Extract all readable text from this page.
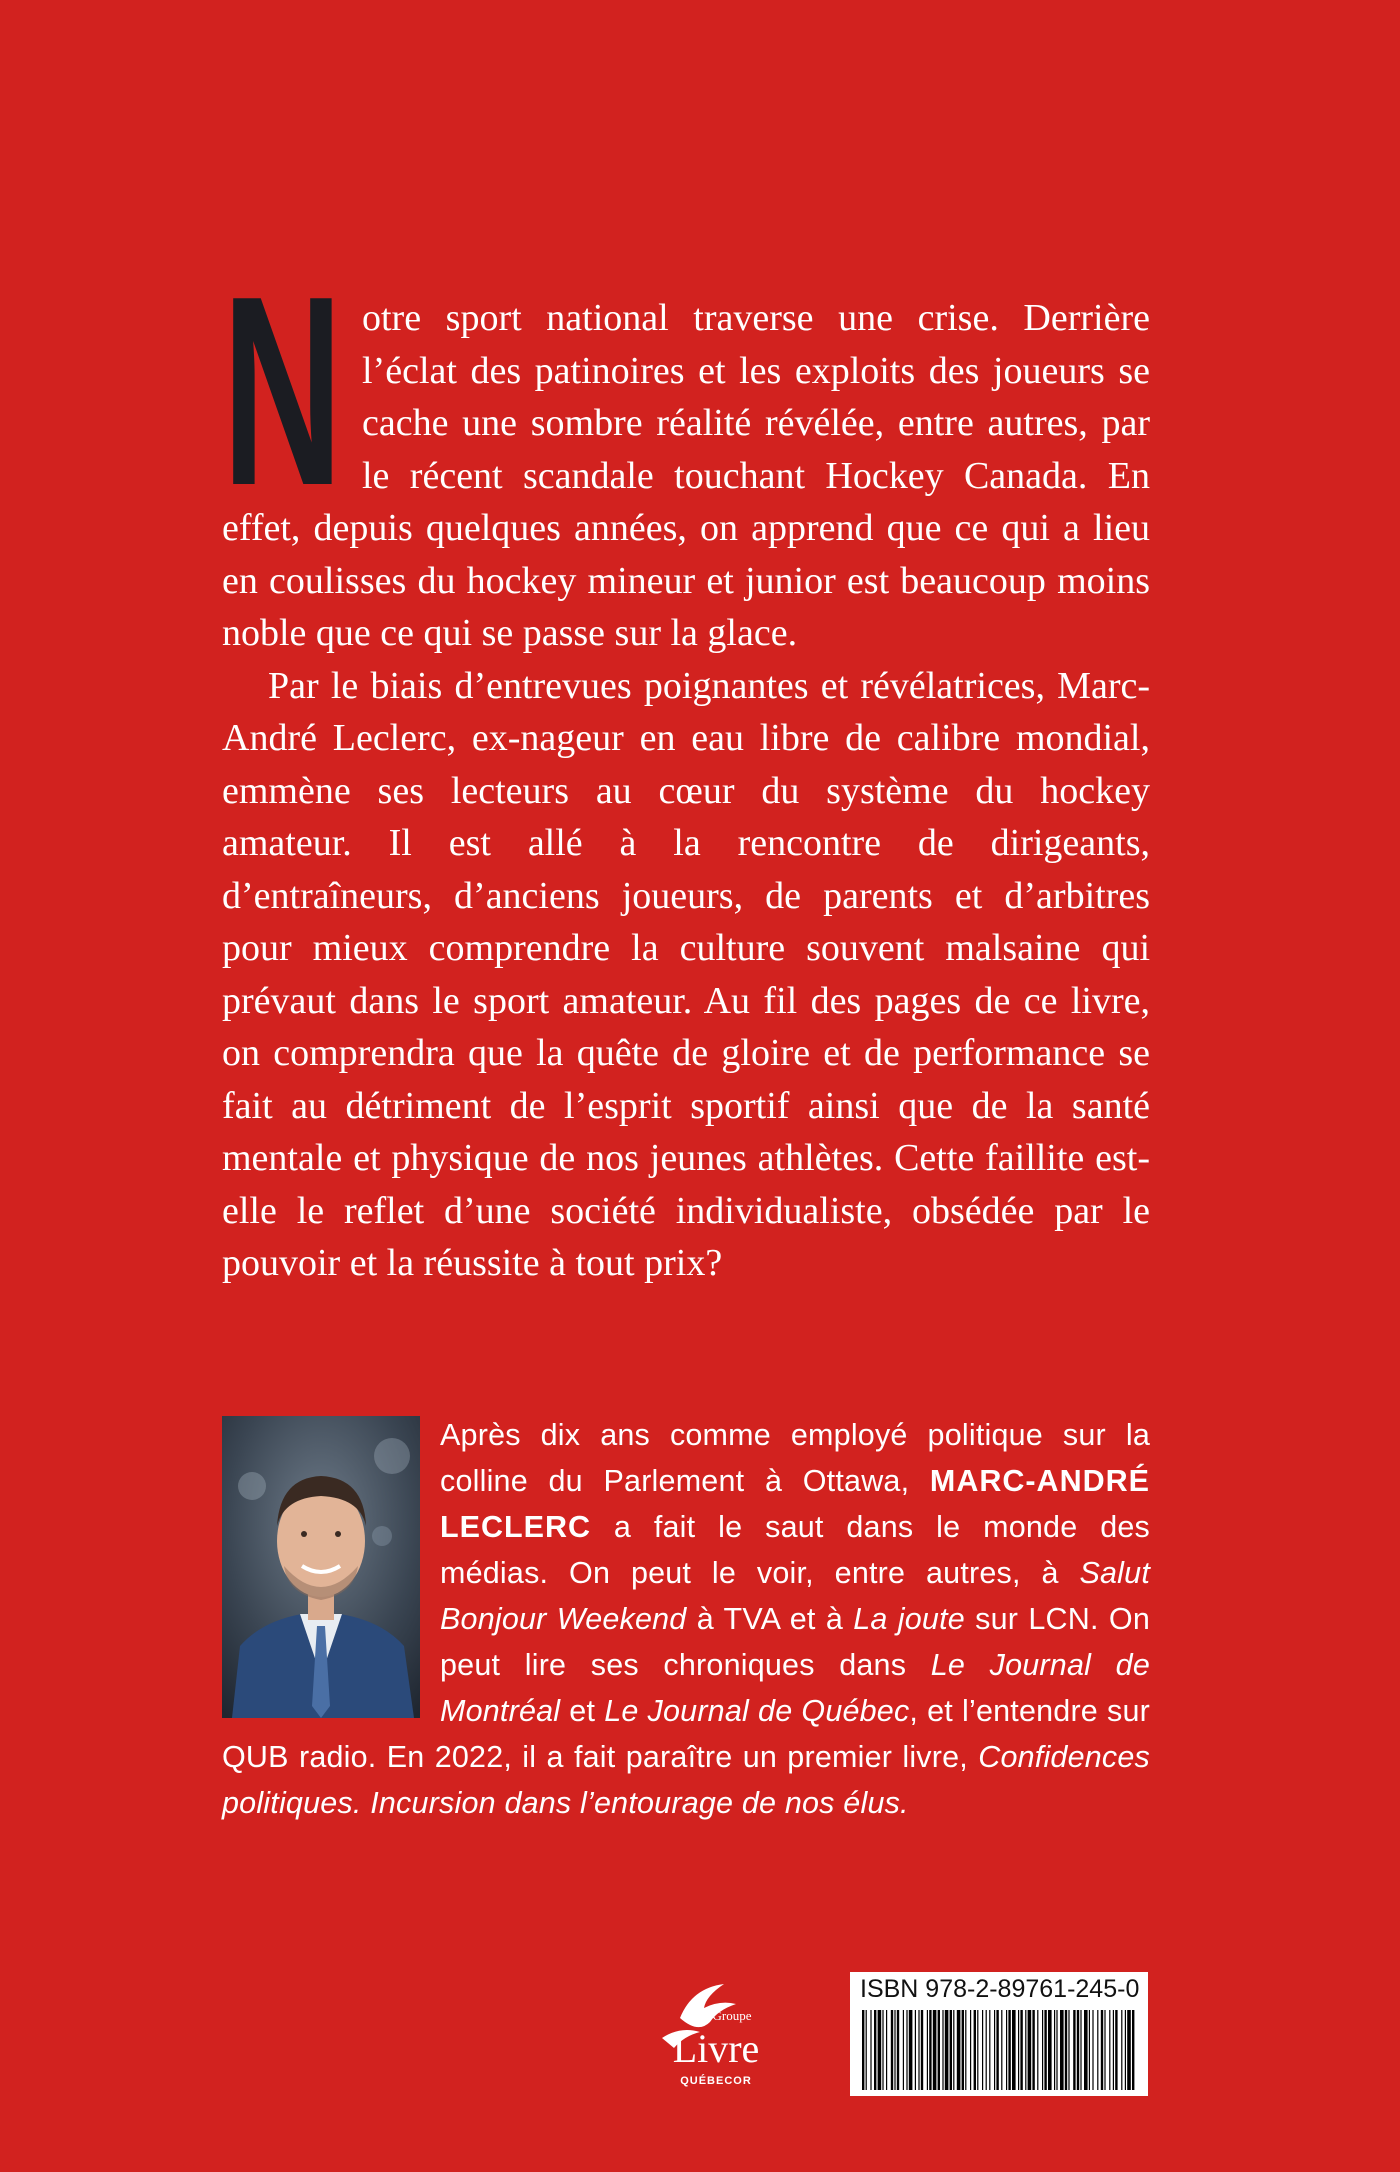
Notre sport national traverse une crise. Derrière l’éclat des patinoires et les exploits des joueurs se cache une sombre réalité révélée, entre autres, par le récent scandale touchant Hockey Canada. En effet, depuis quelques années, on apprend que ce qui a lieu en coulisses du hockey mineur et junior est beaucoup moins noble que ce qui se passe sur la glace.

Par le biais d’entrevues poignantes et révélatrices, Marc-André Leclerc, ex-nageur en eau libre de calibre mondial, emmène ses lecteurs au cœur du système du hockey amateur. Il est allé à la rencontre de dirigeants, d’entraîneurs, d’anciens joueurs, de parents et d’arbitres pour mieux comprendre la culture souvent malsaine qui prévaut dans le sport amateur. Au fil des pages de ce livre, on comprendra que la quête de gloire et de performance se fait au détriment de l’esprit sportif ainsi que de la santé mentale et physique de nos jeunes athlètes. Cette faillite est-elle le reflet d’une société individualiste, obsédée par le pouvoir et la réussite à tout prix?

Après dix ans comme employé politique sur la colline du Parlement à Ottawa, MARC-ANDRÉ LECLERC a fait le saut dans le monde des médias. On peut le voir, entre autres, à Salut Bonjour Weekend à TVA et à La joute sur LCN. On peut lire ses chroniques dans Le Journal de Montréal et Le Journal de Québec, et l’entendre sur QUB radio. En 2022, il a fait paraître un premier livre, Confidences politiques. Incursion dans l’entourage de nos élus.

Groupe
Livre
QUÉBECOR
ISBN 978-2-89761-245-0
